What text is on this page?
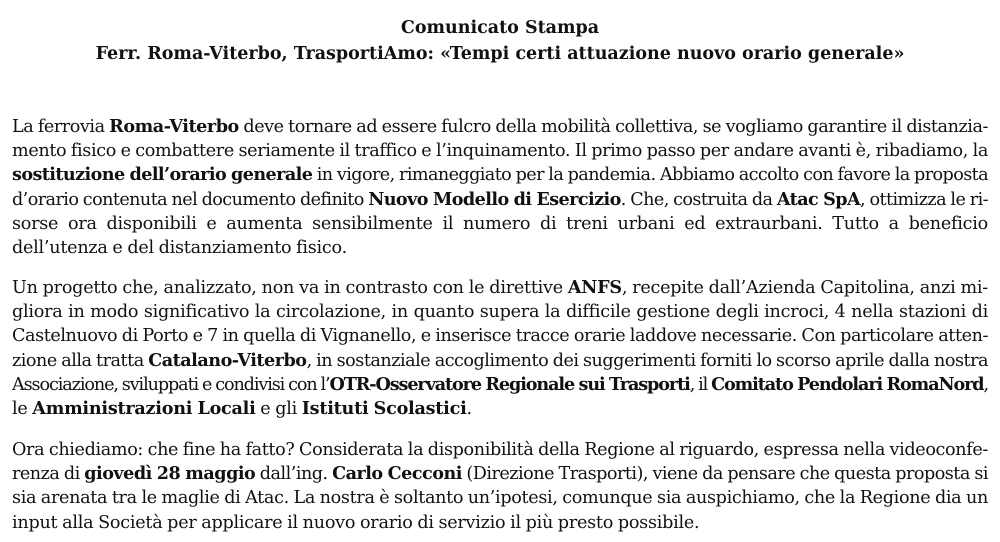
Comunicato Stampa

Ferr. Roma-Viterbo, TrasportiAmo: «Tempi certi attuazione nuovo orario generale»

La ferrovia Roma-Viterbo deve tornare ad essere fulcro della mobilità collettiva, se vogliamo garantire il distanzia-
mento fisico e combattere seriamente il traffico e l’inquinamento. Il primo passo per andare avanti è, ribadiamo, la
sostituzione dell’orario generale in vigore, rimaneggiato per la pandemia. Abbiamo accolto con favore la proposta
d’orario contenuta nel documento definito Nuovo Modello di Esercizio. Che, costruita da Atac SpA, ottimizza le ri-
sorse ora disponibili e aumenta sensibilmente il numero di treni urbani ed extraurbani. Tutto a beneficio
dell’utenza e del distanziamento fisico.
Un progetto che, analizzato, non va in contrasto con le direttive ANFS, recepite dall’Azienda Capitolina, anzi mi-
gliora in modo significativo la circolazione, in quanto supera la difficile gestione degli incroci, 4 nella stazioni di
Castelnuovo di Porto e 7 in quella di Vignanello, e inserisce tracce orarie laddove necessarie. Con particolare atten-
zione alla tratta Catalano-Viterbo, in sostanziale accoglimento dei suggerimenti forniti lo scorso aprile dalla nostra
Associazione, sviluppati e condivisi con l’OTR-Osservatore Regionale sui Trasporti, il Comitato Pendolari RomaNord,
le Amministrazioni Locali e gli Istituti Scolastici.
Ora chiediamo: che fine ha fatto? Considerata la disponibilità della Regione al riguardo, espressa nella videoconfe-
renza di giovedì 28 maggio dall’ing. Carlo Cecconi (Direzione Trasporti), viene da pensare che questa proposta si
sia arenata tra le maglie di Atac. La nostra è soltanto un’ipotesi, comunque sia auspichiamo, che la Regione dia un
input alla Società per applicare il nuovo orario di servizio il più presto possibile.
